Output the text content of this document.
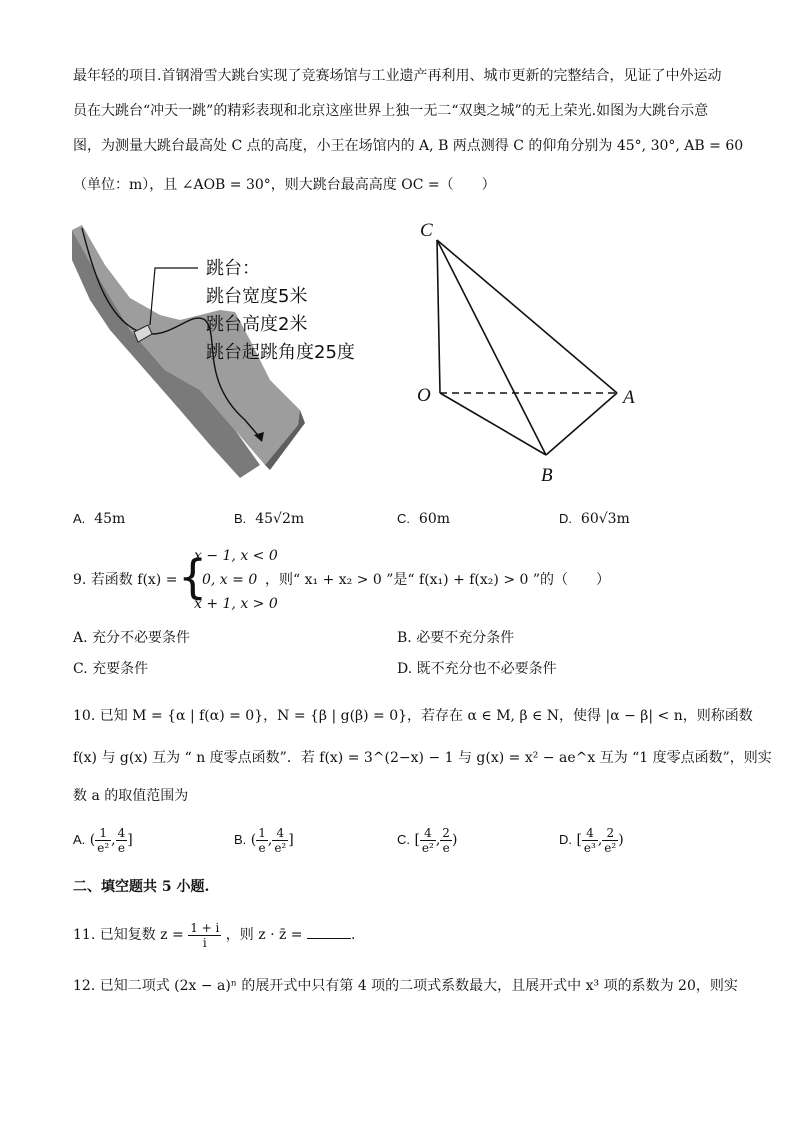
最年轻的项目.首钢滑雪大跳台实现了竞赛场馆与工业遗产再利用、城市更新的完整结合，见证了中外运动
员在大跳台“冲天一跳”的精彩表现和北京这座世界上独一无二“双奥之城”的无上荣光.如图为大跳台示意
图，为测量大跳台最高处 C 点的高度，小王在场馆内的 A, B 两点测得 C 的仰角分别为 45°, 30°, AB = 60
（单位：m），且 ∠AOB = 30°，则大跳台最高高度 OC =（　　）
跳台：
跳台宽度5米
跳台高度2米
跳台起跳角度25度
C
O	A
B
A. 45m	B. 45√2m	C. 60m	D. 60√3m
9. 若函数 f(x) = {
x − 1, x < 0
0, x = 0
x + 1, x > 0
，则“ x₁ + x₂ > 0 ”是“ f(x₁) + f(x₂) > 0 ”的（　　）
A. 充分不必要条件	B. 必要不充分条件
C. 充要条件	D. 既不充分也不必要条件
10. 已知 M = {α | f(α) = 0}，N = {β | g(β) = 0}，若存在 α ∈ M, β ∈ N，使得 |α − β| < n，则称函数
f(x) 与 g(x) 互为 “ n 度零点函数”．若 f(x) = 3^(2−x) − 1 与 g(x) = x² − ae^x 互为 “1 度零点函数”，则实
数 a 的取值范围为
A. ( $\frac{1}{\text{e²}}$ , $\frac{4}{e}$ ]	B. ( $\frac{1}{e}$ , $\frac{4}{\text{e²}}$ ]	C. [ $\frac{4}{\text{e²}}$ , $\frac{2}{e}$ )	D. [ $\frac{4}{\text{e³}}$ , $\frac{2}{\text{e²}}$ )
二、填空题共 5 小题.
11. 已知复数 $z = \frac{1 + i}{i}$ ，则 z · z̄ =	.
12. 已知二项式 (2x − a)ⁿ 的展开式中只有第 4 项的二项式系数最大，且展开式中 x³ 项的系数为 20，则实
